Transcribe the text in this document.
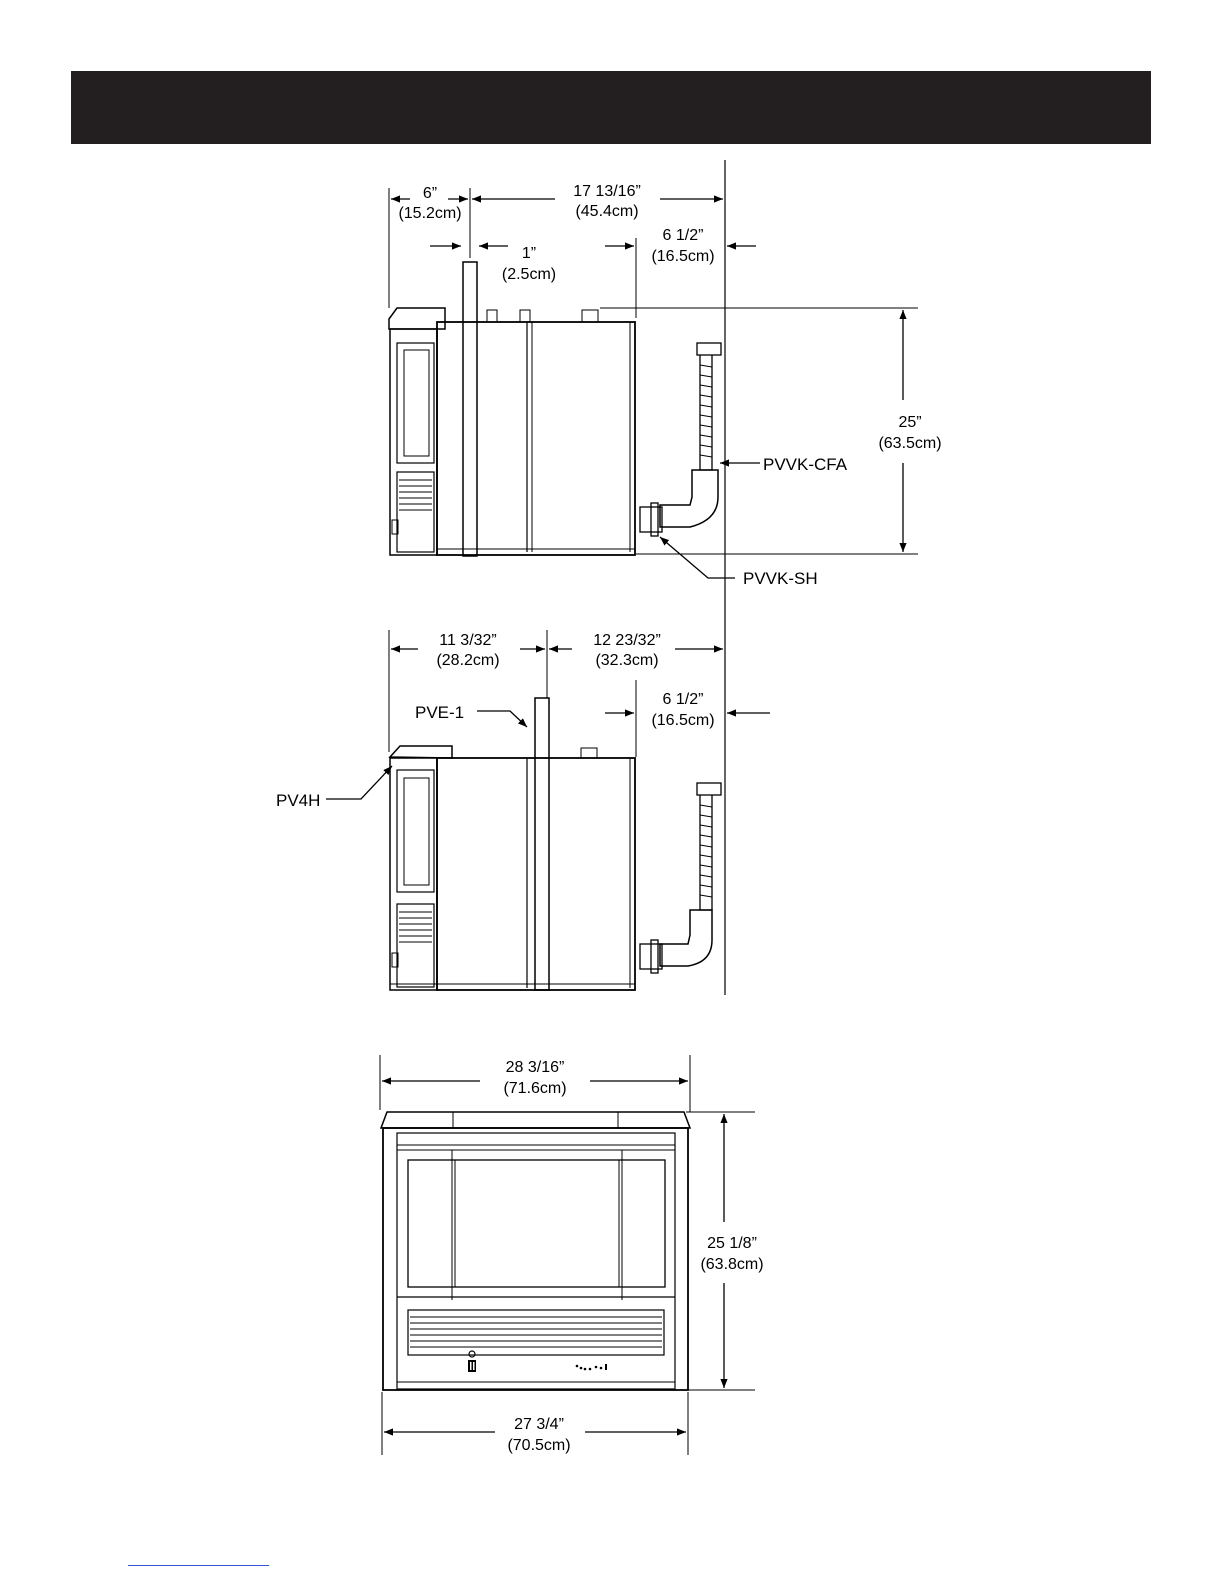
6”
(15.2cm)
17 13/16”
(45.4cm)
1”
(2.5cm)
6 1/2”
(16.5cm)
25”
(63.5cm)
PVVK-CFA
PVVK-SH
11 3/32”
(28.2cm)
12 23/32”
(32.3cm)
6 1/2”
(16.5cm)
PVE-1
PV4H
28 3/16”
(71.6cm)
25 1/8”
(63.8cm)
27 3/4”
(70.5cm)
